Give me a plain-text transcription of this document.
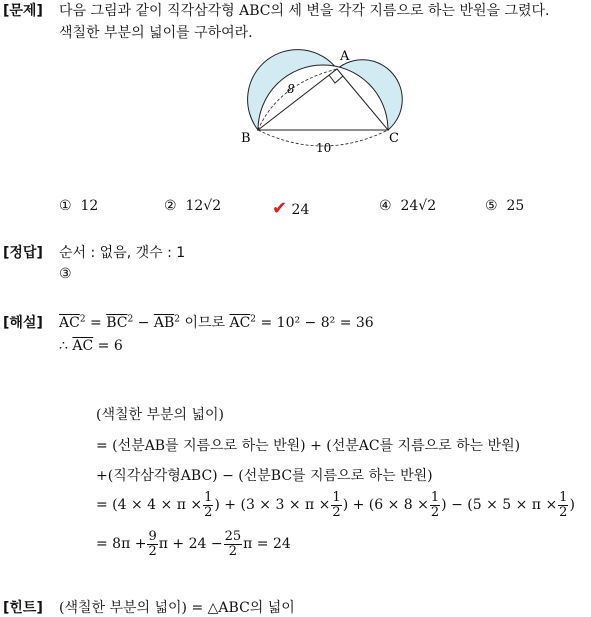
[문제] 다음 그림과 같이 직각삼각형 ABC의 세 변을 각각 지름으로 하는 반원을 그렸다.
색칠한 부분의 넓이를 구하여라.
A
B	C
8
10
① 12	② 12√2	✔ 24	④ 24√2	⑤ 25
[정답] 순서 : 없음, 갯수 : 1
③
[해설] $\overline{AC}^2 = \overline{BC}^2 - \overline{AB}^2$ 이므로 $\overline{AC}^2 = 10^2 - 8^2 = 36$
∴ $\overline{AC} = 6$
(색칠한 부분의 넓이)
= (선분AB를 지름으로 하는 반원) + (선분AC를 지름으로 하는 반원)
+(직각삼각형ABC) − (선분BC를 지름으로 하는 반원)
= ($4 \times 4 \times \pi \times \frac{1}{2}$ ) + ($3 \times 3 \times \pi \times \frac{1}{2}$ ) + ($6 \times 8 \times \frac{1}{2}$ ) − ($5 \times 5 \times \pi \times \frac{1}{2}$ )
= $8\pi + \frac{9}{2}$ $\pi + 24 - \frac{25}{2}$ π = 24
[힌트] (색칠한 부분의 넓이) = △ABC의 넓이
